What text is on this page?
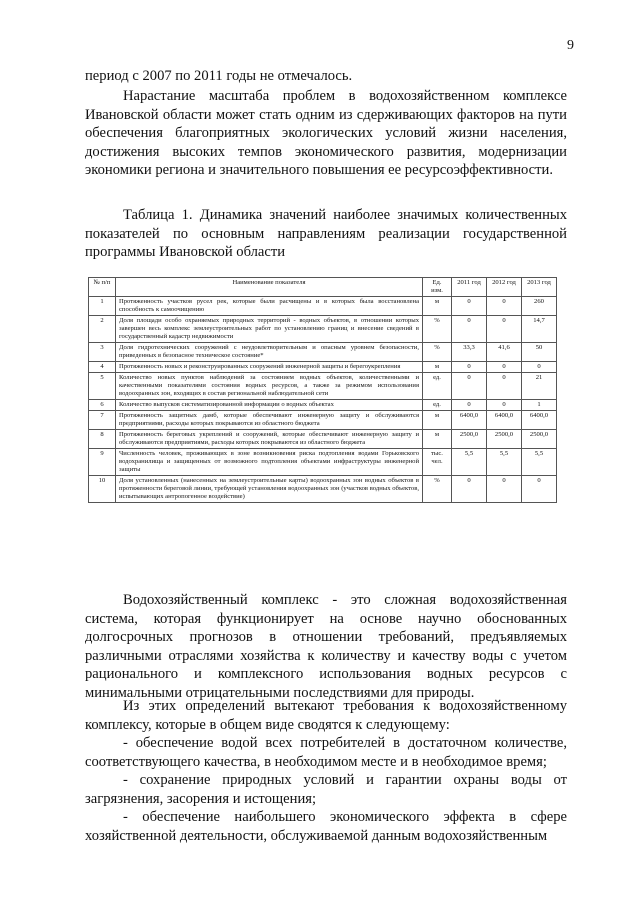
9

период с 2007 по 2011 годы не отмечалось.

Нарастание масштаба проблем в водохозяйственном комплексе Ивановской области может стать одним из сдерживающих факторов на пути обеспечения благоприятных экологических условий жизни населения, достижения высоких темпов экономического развития, модернизации экономики региона и значительного повышения ее ресурсоэффективности.

Таблица 1. Динамика значений наиболее значимых количественных показателей по основным направлениям реализации государственной программы Ивановской области

№ п/п	Наименование показателя	Ед. изм.	2011 год	2012 год	2013 год
1	Протяженность участков русел рек, которые были расчищены и в которых была восстановлена способность к самоочищению	м	0	0	260
2	Доля площади особо охраняемых природных территорий - водных объектов, в отношении которых завершен весь комплекс землеустроительных работ по установлению границ и внесение сведений в государственный кадастр недвижимости	%	0	0	14,7
3	Доля гидротехнических сооружений с неудовлетворительным и опасным уровнем безопасности, приведенных в безопасное техническое состояние*	%	33,3	41,6	50
4	Протяженность новых и реконструированных сооружений инженерной защиты и берегоукрепления	м	0	0	0
5	Количество новых пунктов наблюдений за состоянием водных объектов, количественными и качественными показателями состояния водных ресурсов, а также за режимом использования водоохранных зон, входящих в состав региональной наблюдательной сети	ед.	0	0	21
6	Количество выпусков систематизированной информации о водных объектах	ед.	0	0	1
7	Протяженность защитных дамб, которые обеспечивают инженерную защиту и обслуживаются предприятиями, расходы которых покрываются из областного бюджета	м	6400,0	6400,0	6400,0
8	Протяженность береговых укреплений и сооружений, которые обеспечивают инженерную защиту и обслуживаются предприятиями, расходы которых покрываются из областного бюджета	м	2500,0	2500,0	2500,0
9	Численность человек, проживающих в зоне возникновения риска подтопления водами Горьковского водохранилища и защищенных от возможного подтопления объектами инфраструктуры инженерной защиты	тыс. чел.	5,5	5,5	5,5
10	Доля установленных (нанесенных на землеустроительные карты) водоохранных зон водных объектов в протяженности береговой линии, требующей установления водоохранных зон (участков водных объектов, испытывающих антропогенное воздействие)	%	0	0	0

Водохозяйственный комплекс - это сложная водохозяйственная система, которая функционирует на основе научно обоснованных долгосрочных прогнозов в отношении требований, предъявляемых различными отраслями хозяйства к количеству и качеству воды с учетом рационального и комплексного использования водных ресурсов с минимальными отрицательными последствиями для природы.

Из этих определений вытекают требования к водохозяйственному комплексу, которые в общем виде сводятся к следующему:

- обеспечение водой всех потребителей в достаточном количестве, соответствующего качества, в необходимом месте и в необходимое время;

- сохранение природных условий и гарантии охраны воды от загрязнения, засорения и истощения;

- обеспечение наибольшего экономического эффекта в сфере хозяйственной деятельности, обслуживаемой данным водохозяйственным
